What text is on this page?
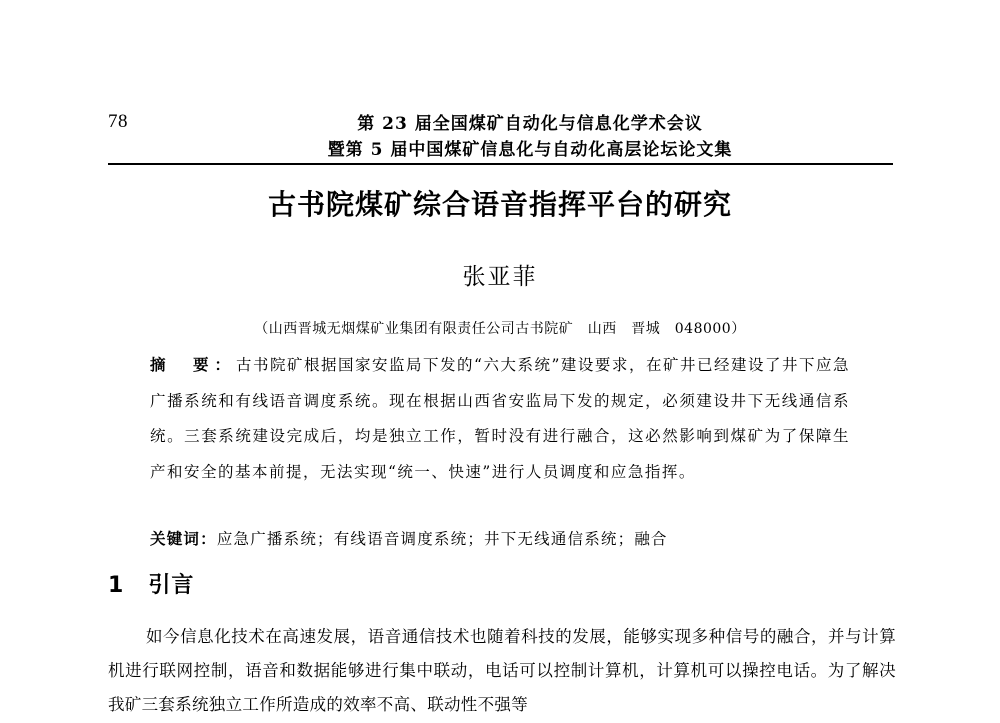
78	第 23 届全国煤矿自动化与信息化学术会议
暨第 5 届中国煤矿信息化与自动化高层论坛论文集
古书院煤矿综合语音指挥平台的研究
张亚菲
（山西晋城无烟煤矿业集团有限责任公司古书院矿　山西　晋城　048000）
摘　要：古书院矿根据国家安监局下发的“六大系统”建设要求，在矿井已经建设了井下应急广播系统和有线语音调度系统。现在根据山西省安监局下发的规定，必须建设井下无线通信系统。三套系统建设完成后，均是独立工作，暂时没有进行融合，这必然影响到煤矿为了保障生产和安全的基本前提，无法实现“统一、快速”进行人员调度和应急指挥。
关键词：应急广播系统；有线语音调度系统；井下无线通信系统；融合
1 引言
如今信息化技术在高速发展，语音通信技术也随着科技的发展，能够实现多种信号的融合，并与计算机进行联网控制，语音和数据能够进行集中联动，电话可以控制计算机，计算机可以操控电话。为了解决我矿三套系统独立工作所造成的效率不高、联动性不强等
